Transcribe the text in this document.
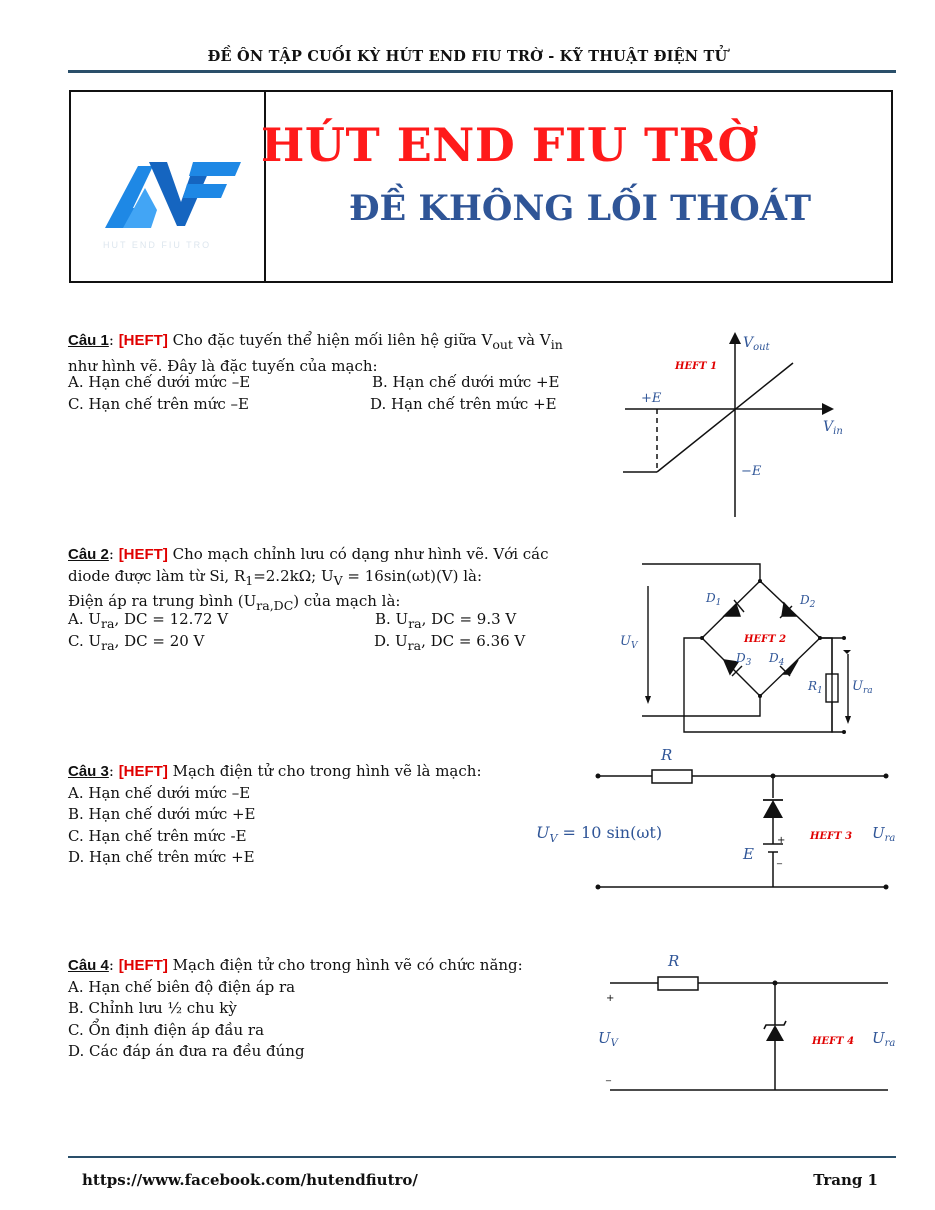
ĐỀ ÔN TẬP CUỐI KỲ HÚT END FIU TRỜ - KỸ THUẬT ĐIỆN TỬ
HUT END FIU TRO
HÚT END FIU TRỜ
ĐỀ KHÔNG LỐI THOÁT
Câu 1: [HEFT] Cho đặc tuyến thể hiện mối liên hệ giữa $V_{out}$ và $V_{in}$
như hình vẽ. Đây là đặc tuyến của mạch:
A. Hạn chế dưới mức –E	B. Hạn chế dưới mức +E
C. Hạn chế trên mức –E	D. Hạn chế trên mức +E
$V_{out}$
$V_{in}$
+E
−E
HEFT 1
Câu 2: [HEFT] Cho mạch chỉnh lưu có dạng như hình vẽ. Với các
diode được làm từ Si, $R_1=2.2k\Omega$; $U_V = 16\sin(\omega t)(V)$ là:
Điện áp ra trung bình $(U_{ra,DC})$ của mạch là:
A. $U_{ra}$, DC = 12.72 V	B. $U_{ra}$, DC = 9.3 V
C. $U_{ra}$, DC = 20 V	D. $U_{ra}$, DC = 6.36 V
$D_1$	$D_2$
$D_3$ $D_4$
$U_V$
$R_1$ $U_{ra}$
HEFT 2
Câu 3: [HEFT] Mạch điện tử cho trong hình vẽ là mạch:
A. Hạn chế dưới mức –E
B. Hạn chế dưới mức +E
C. Hạn chế trên mức -E
D. Hạn chế trên mức +E
R
$U_V = 10$ sin(ωt)
E
+
_
$U_{ra}$
HEFT 3
Câu 4: [HEFT] Mạch điện tử cho trong hình vẽ có chức năng:
A. Hạn chế biên độ điện áp ra
B. Chỉnh lưu ½ chu kỳ
C. Ổn định điện áp đầu ra
D. Các đáp án đưa ra đều đúng
R
+
_
$U_V$	$U_{ra}$
HEFT 4
https://www.facebook.com/hutendfiutro/	Trang 1
